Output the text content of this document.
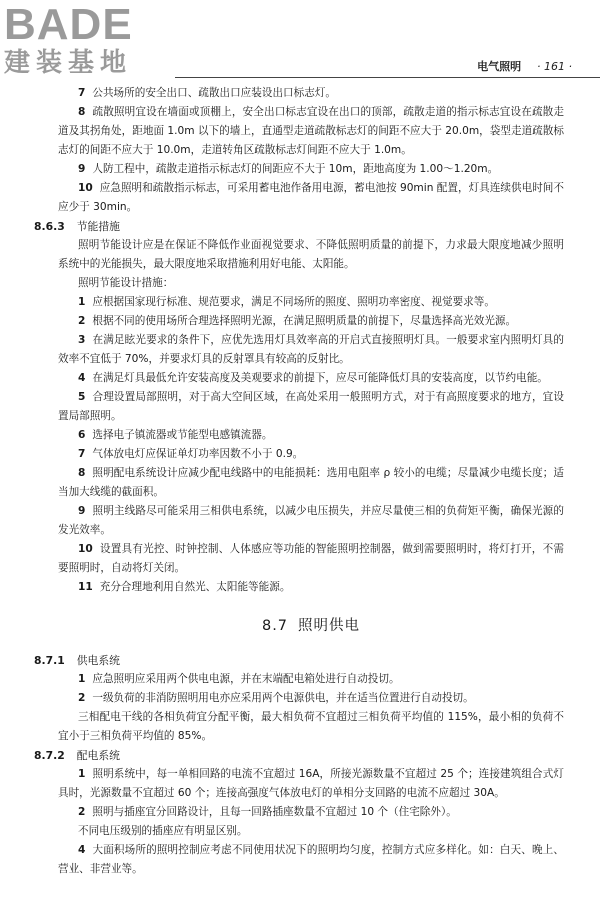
BADE
建装基地	电气照明 · 161 ·

7 公共场所的安全出口、疏散出口应装设出口标志灯。

8 疏散照明宜设在墙面或顶棚上，安全出口标志宜设在出口的顶部，疏散走道的指示标志宜设在疏散走道及其拐角处，距地面 1.0m 以下的墙上，直通型走道疏散标志灯的间距不应大于 20.0m，袋型走道疏散标志灯的间距不应大于 10.0m，走道转角区疏散标志灯间距不应大于 1.0m。

9 人防工程中，疏散走道指示标志灯的间距应不大于 10m，距地高度为 1.00～1.20m。

10 应急照明和疏散指示标志，可采用蓄电池作备用电源，蓄电池按 90min 配置，灯具连续供电时间不应少于 30min。

8.6.3 节能措施

照明节能设计应是在保证不降低作业面视觉要求、不降低照明质量的前提下，力求最大限度地减少照明系统中的光能损失，最大限度地采取措施利用好电能、太阳能。

照明节能设计措施：

1 应根据国家现行标准、规范要求，满足不同场所的照度、照明功率密度、视觉要求等。

2 根据不同的使用场所合理选择照明光源，在满足照明质量的前提下，尽量选择高光效光源。

3 在满足眩光要求的条件下，应优先选用灯具效率高的开启式直接照明灯具。一般要求室内照明灯具的效率不宜低于 70%，并要求灯具的反射罩具有较高的反射比。

4 在满足灯具最低允许安装高度及美观要求的前提下，应尽可能降低灯具的安装高度，以节约电能。

5 合理设置局部照明，对于高大空间区域，在高处采用一般照明方式，对于有高照度要求的地方，宜设置局部照明。

6 选择电子镇流器或节能型电感镇流器。

7 气体放电灯应保证单灯功率因数不小于 0.9。

8 照明配电系统设计应减少配电线路中的电能损耗：选用电阻率 ρ 较小的电缆；尽量减少电缆长度；适当加大线缆的截面积。

9 照明主线路尽可能采用三相供电系统，以减少电压损失，并应尽量使三相的负荷矩平衡，确保光源的发光效率。

10 设置具有光控、时钟控制、人体感应等功能的智能照明控制器，做到需要照明时，将灯打开，不需要照明时，自动将灯关闭。

11 充分合理地利用自然光、太阳能等能源。

8.7 照明供电

8.7.1 供电系统

1 应急照明应采用两个供电电源，并在末端配电箱处进行自动投切。

2 一级负荷的非消防照明用电亦应采用两个电源供电，并在适当位置进行自动投切。

三相配电干线的各相负荷宜分配平衡，最大相负荷不宜超过三相负荷平均值的 115%，最小相的负荷不宜小于三相负荷平均值的 85%。

8.7.2 配电系统

1 照明系统中，每一单相回路的电流不宜超过 16A，所接光源数量不宜超过 25 个；连接建筑组合式灯具时，光源数量不宜超过 60 个；连接高强度气体放电灯的单相分支回路的电流不应超过 30A。

2 照明与插座宜分回路设计，且每一回路插座数量不宜超过 10 个（住宅除外）。

不同电压级别的插座应有明显区别。

4 大面积场所的照明控制应考虑不同使用状况下的照明均匀度，控制方式应多样化。如：白天、晚上、营业、非营业等。
